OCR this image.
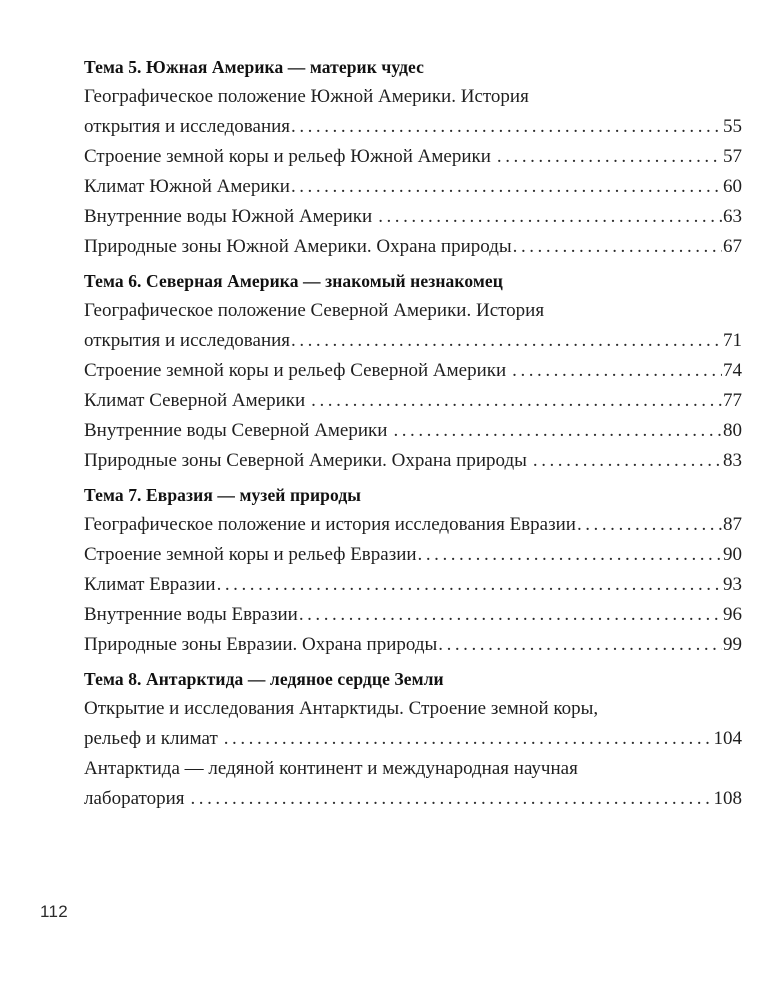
Тема 5. Южная Америка — материк чудес
Географическое положение Южной Америки. История
открытия и исследования . . .	55
Строение земной коры и рельеф Южной Америки . . .	57
Климат Южной Америки . . .	60
Внутренние воды Южной Америки . . .	63
Природные зоны Южной Америки. Охрана природы . . .	67
Тема 6. Северная Америка — знакомый незнакомец
Географическое положение Северной Америки. История
открытия и исследования . . .	71
Строение земной коры и рельеф Северной Америки . . .	74
Климат Северной Америки . . .	77
Внутренние воды Северной Америки . . .	80
Природные зоны Северной Америки. Охрана природы . . .	83
Тема 7. Евразия — музей природы
Географическое положение и история исследования Евразии . . .	87
Строение земной коры и рельеф Евразии . . .	90
Климат Евразии . . .	93
Внутренние воды Евразии . . .	96
Природные зоны Евразии. Охрана природы . . .	99
Тема 8. Антарктида — ледяное сердце Земли
Открытие и исследования Антарктиды. Строение земной коры,
рельеф и климат . . .	104
Антарктида — ледяной континент и международная научная
лаборатория . . .	108
112
